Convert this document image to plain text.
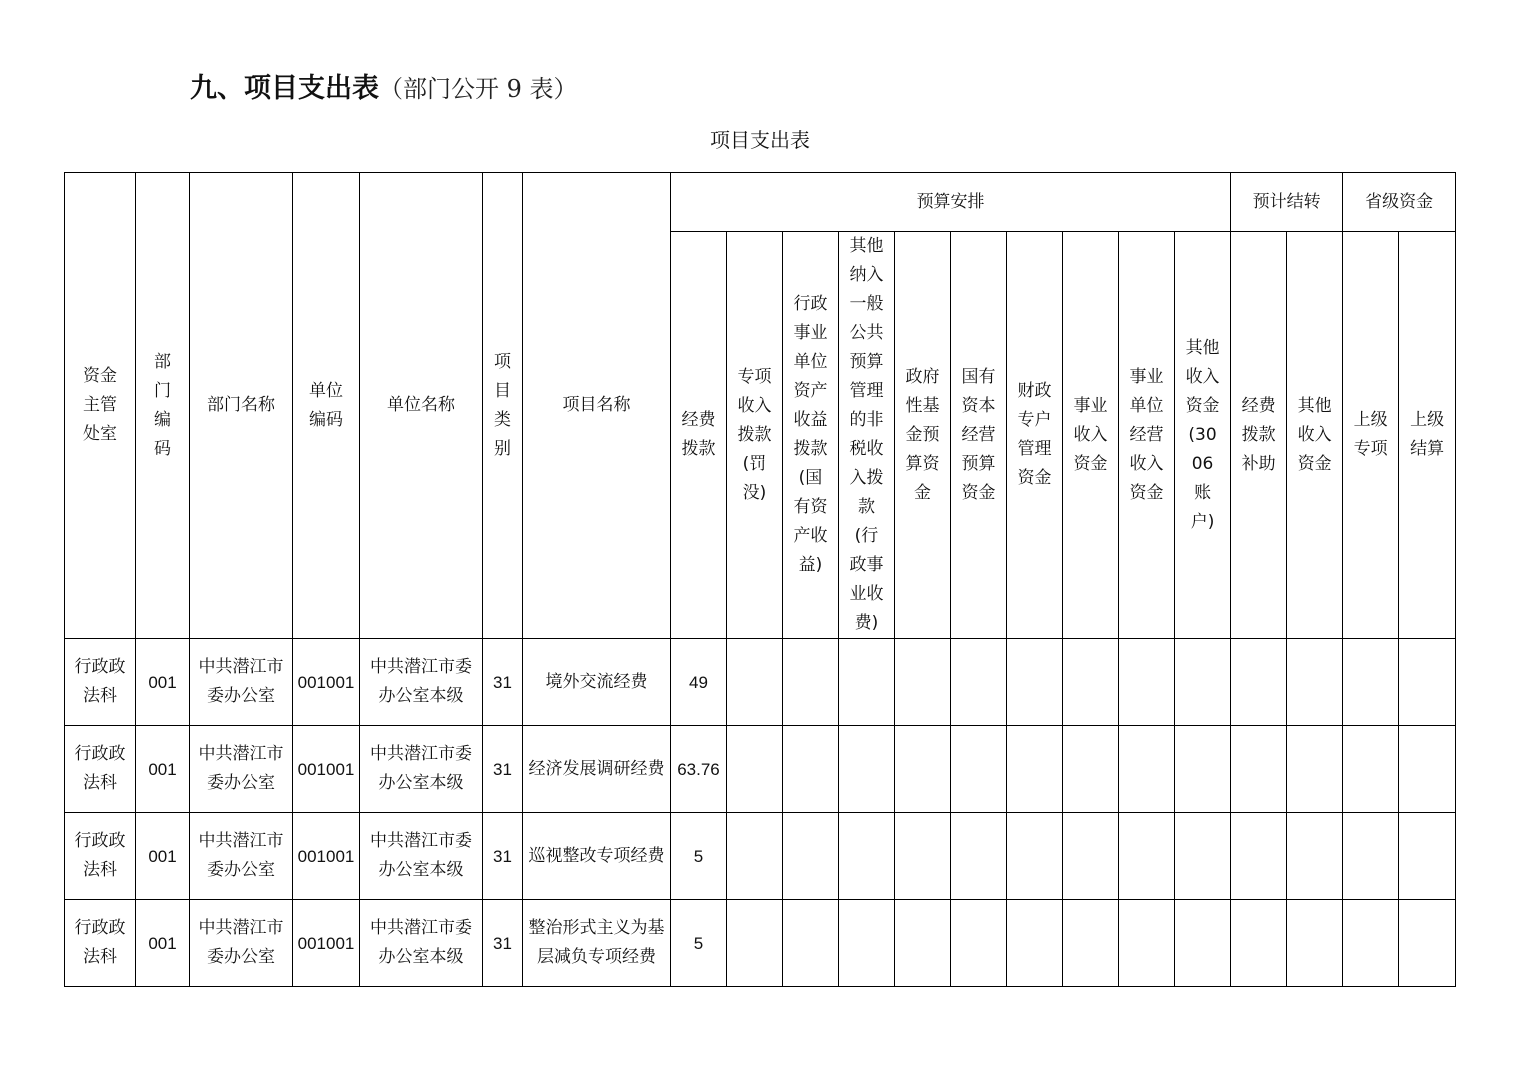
九、项目支出表（部门公开 9 表）
项目支出表
资金主管处室	部门编码	部门名称	单位编码	单位名称	项目类别	项目名称	预算安排										预计结转		省级资金	
							经费拨款	专项收入拨款(罚没)	行政事业单位资产收益拨款(国有资产收益)	其他纳入一般公共预算管理的非税收入拨款(行政事业收费)	政府性基金预算资金	国有资本经营预算资金	财政专户管理资金	事业收入资金	事业单位经营收入资金	其他收入资金(3006账户)	经费拨款补助	其他收入资金	上级专项	上级结算
行政政法科	001	中共潜江市委办公室	001001	中共潜江市委办公室本级	31	境外交流经费	49													
行政政法科	001	中共潜江市委办公室	001001	中共潜江市委办公室本级	31	经济发展调研经费	63.76													
行政政法科	001	中共潜江市委办公室	001001	中共潜江市委办公室本级	31	巡视整改专项经费	5													
行政政法科	001	中共潜江市委办公室	001001	中共潜江市委办公室本级	31	整治形式主义为基层减负专项经费	5													
